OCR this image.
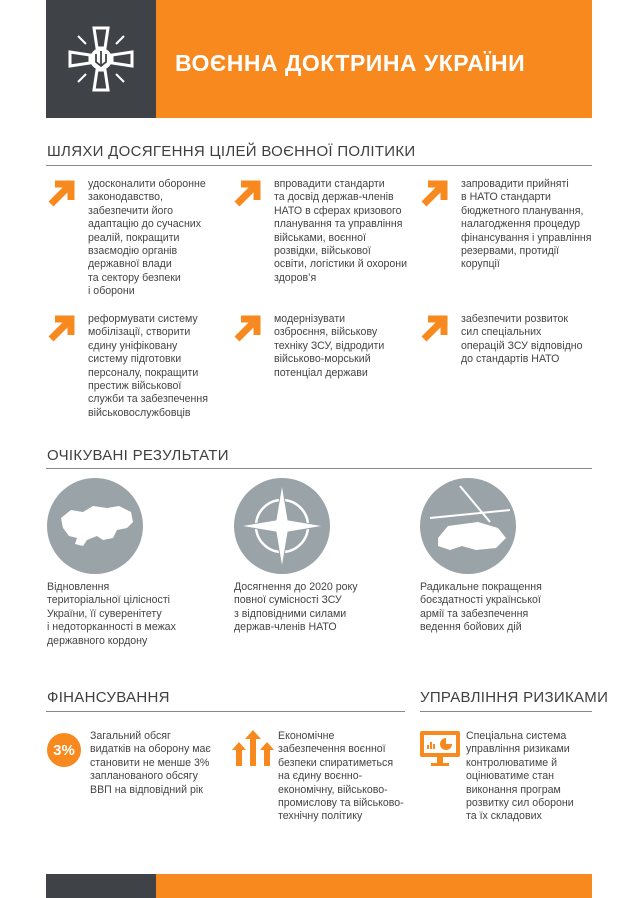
ВОЄННА ДОКТРИНА УКРАЇНИ
ШЛЯХИ ДОСЯГЕННЯ ЦІЛЕЙ ВОЄННОЇ ПОЛІТИКИ
удосконалити оборонне
законодавство,
забезпечити його
адаптацію до сучасних
реалій, покращити
взаємодію органів
державної влади
та сектору безпеки
і оборони
впровадити стандарти
та досвід держав-членів
НАТО в сферах кризового
планування та управління
військами, воєнної
розвідки, військової
освіти, логістики й охорони
здоров’я
запровадити прийняті
в НАТО стандарти
бюджетного планування,
налагодження процедур
фінансування і управління
резервами, протидії
корупції
реформувати систему
мобілізації, створити
єдину уніфіковану
систему підготовки
персоналу, покращити
престиж військової
служби та забезпечення
військовослужбовців
модернізувати
озброєння, військову
техніку ЗСУ, відродити
військово-морський
потенціал держави
забезпечити розвиток
сил спеціальних
операцій ЗСУ відповідно
до стандартів НАТО
ОЧІКУВАНІ РЕЗУЛЬТАТИ
Відновлення
територіальної цілісності
України, її суверенітету
і недоторканності в межах
державного кордону
Досягнення до 2020 року
повної сумісності ЗСУ
з відповідними силами
держав-членів НАТО
Радикальне покращення
боєздатності української
армії та забезпечення
ведення бойових дій
ФІНАНСУВАННЯ	УПРАВЛІННЯ РИЗИКАМИ
3%
Загальний обсяг
видатків на оборону має
становити не менше 3%
запланованого обсягу
ВВП на відповідний рік
Економічне
забезпечення воєнної
безпеки спиратиметься
на єдину воєнно-
економічну, військово-
промислову та військово-
технічну політику
Спеціальна система
управління ризиками
контролюватиме й
оцінюватиме стан
виконання програм
розвитку сил оборони
та їх складових
